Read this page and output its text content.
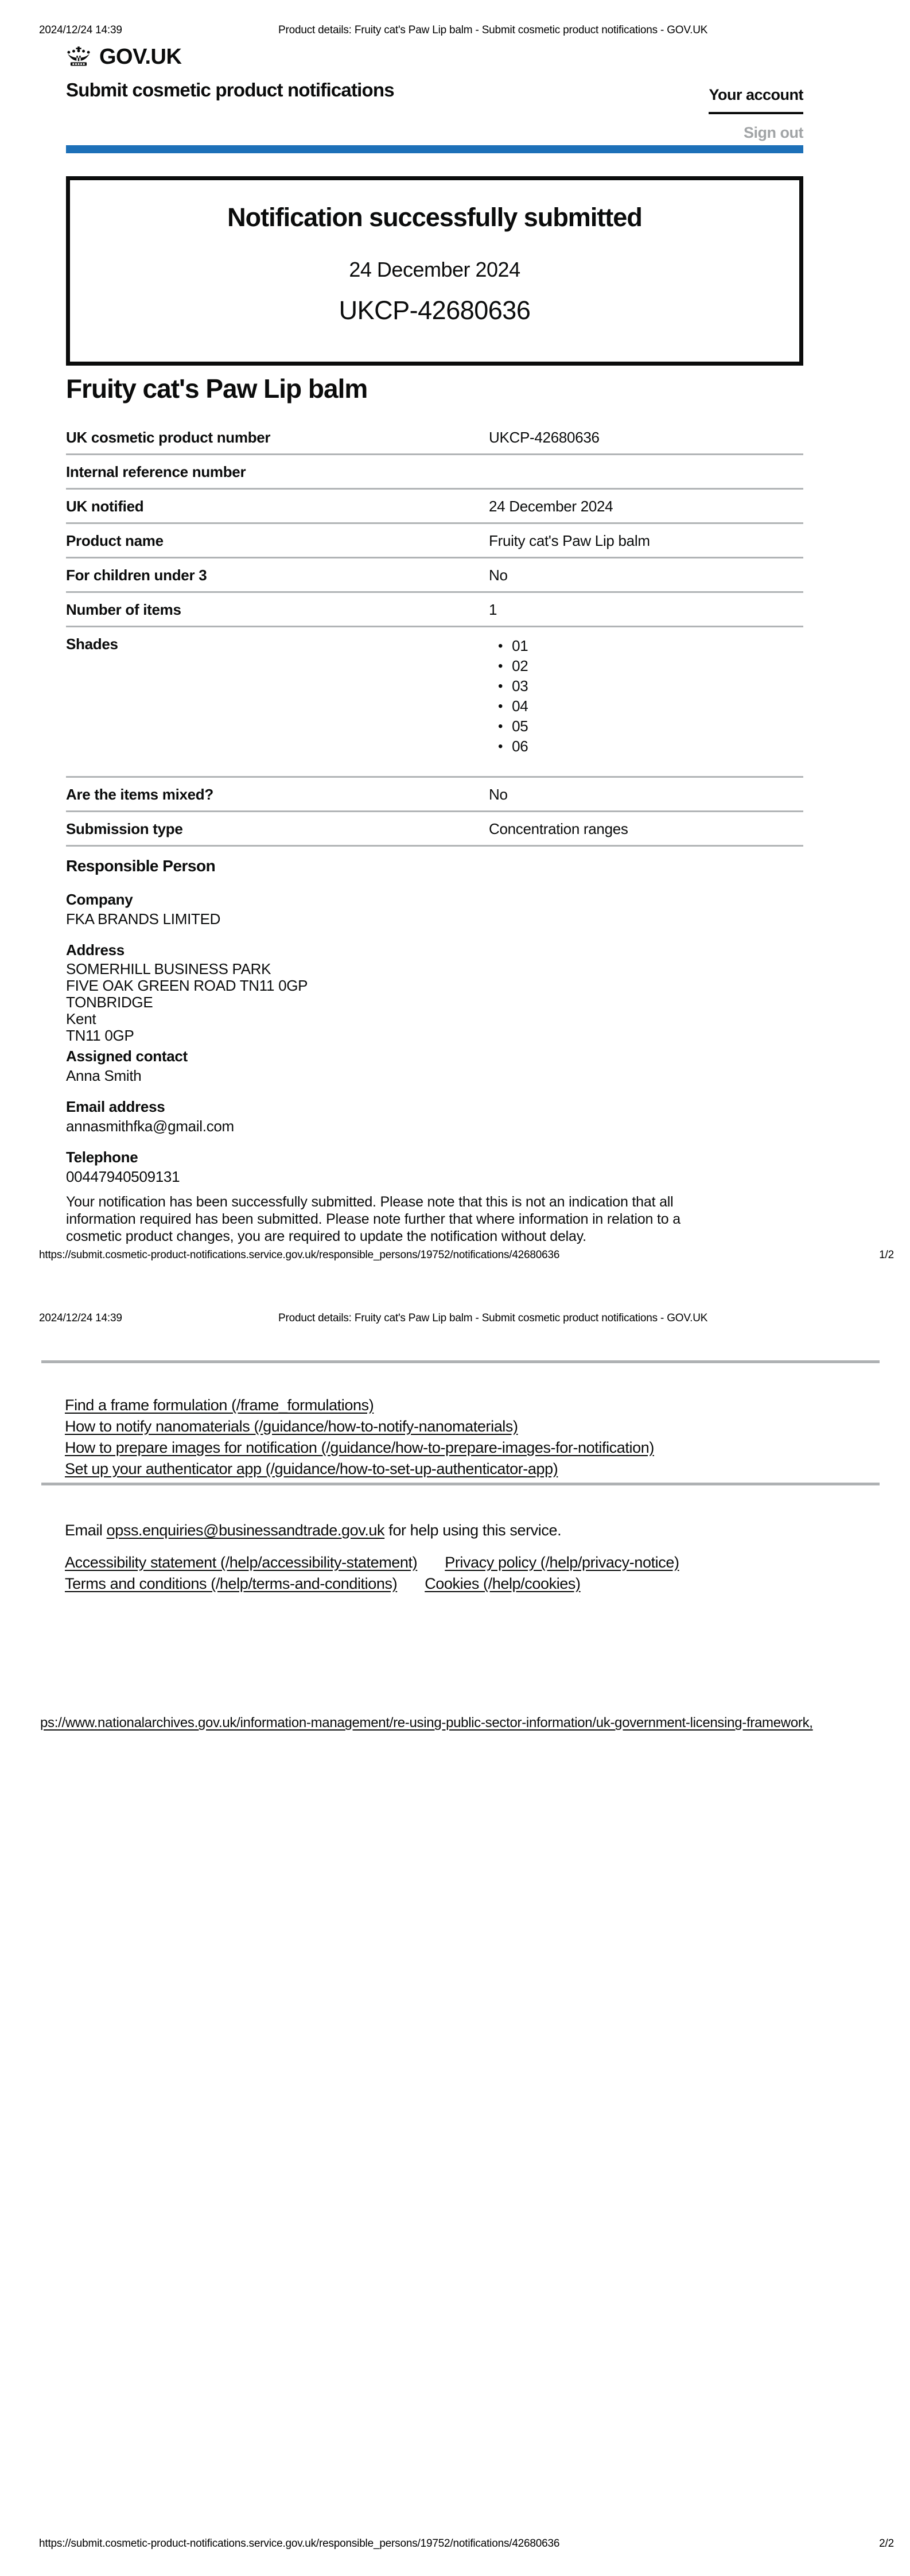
2024/12/24 14:39	Product details: Fruity cat's Paw Lip balm - Submit cosmetic product notifications - GOV.UK
GOV.UK
Submit cosmetic product notifications	Your account
Sign out
Notification successfully submitted
24 December 2024
UKCP-42680636
Fruity cat's Paw Lip balm
UK cosmetic product number	UKCP-42680636
Internal reference number
UK notified	24 December 2024
Product name	Fruity cat's Paw Lip balm
For children under 3	No
Number of items	1
Shades	• 01
• 02
• 03
• 04
• 05
• 06
Are the items mixed?	No
Submission type	Concentration ranges
Responsible Person
Company
FKA BRANDS LIMITED
Address
SOMERHILL BUSINESS PARK
FIVE OAK GREEN ROAD TN11 0GP
TONBRIDGE
Kent
TN11 0GP
Assigned contact
Anna Smith
Email address
annasmithfka@gmail.com
Telephone
00447940509131
Your notification has been successfully submitted. Please note that this is not an indication that all
information required has been submitted. Please note further that where information in relation to a
cosmetic product changes, you are required to update the notification without delay.
https://submit.cosmetic-product-notifications.service.gov.uk/responsible_persons/19752/notifications/42680636	1/2
2024/12/24 14:39	Product details: Fruity cat's Paw Lip balm - Submit cosmetic product notifications - GOV.UK
Find a frame formulation (/frame_formulations)
How to notify nanomaterials (/guidance/how-to-notify-nanomaterials)
How to prepare images for notification (/guidance/how-to-prepare-images-for-notification)
Set up your authenticator app (/guidance/how-to-set-up-authenticator-app)
Email opss.enquiries@businessandtrade.gov.uk for help using this service.
Accessibility statement (/help/accessibility-statement) Privacy policy (/help/privacy-notice)
Terms and conditions (/help/terms-and-conditions) Cookies (/help/cookies)
ps://www.nationalarchives.gov.uk/information-management/re-using-public-sector-information/uk-government-licensing-framework,
https://submit.cosmetic-product-notifications.service.gov.uk/responsible_persons/19752/notifications/42680636	2/2
